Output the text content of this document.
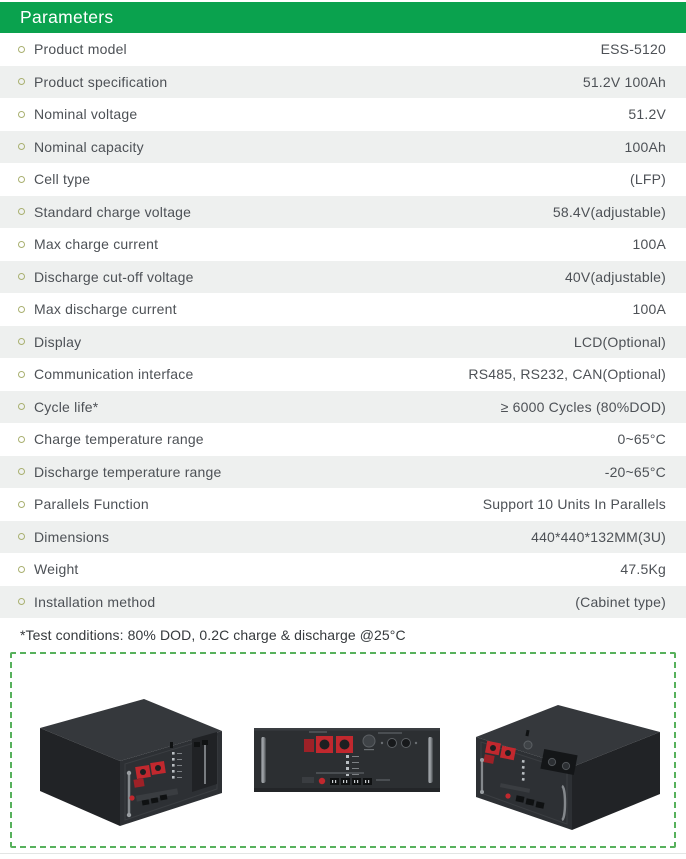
Parameters
Product model	ESS-5120
Product specification	51.2V 100Ah
Nominal voltage	51.2V
Nominal capacity	100Ah
Cell type	(LFP)
Standard charge voltage	58.4V(adjustable)
Max charge current	100A
Discharge cut-off voltage	40V(adjustable)
Max discharge current	100A
Display	LCD(Optional)
Communication interface	RS485, RS232, CAN(Optional)
Cycle life*	≥ 6000 Cycles (80%DOD)
Charge temperature range	0~65°C
Discharge temperature range	-20~65°C
Parallels Function	Support 10 Units In Parallels
Dimensions	440*440*132MM(3U)
Weight	47.5Kg
Installation method	(Cabinet type)
*Test conditions: 80% DOD, 0.2C charge & discharge @25°C
